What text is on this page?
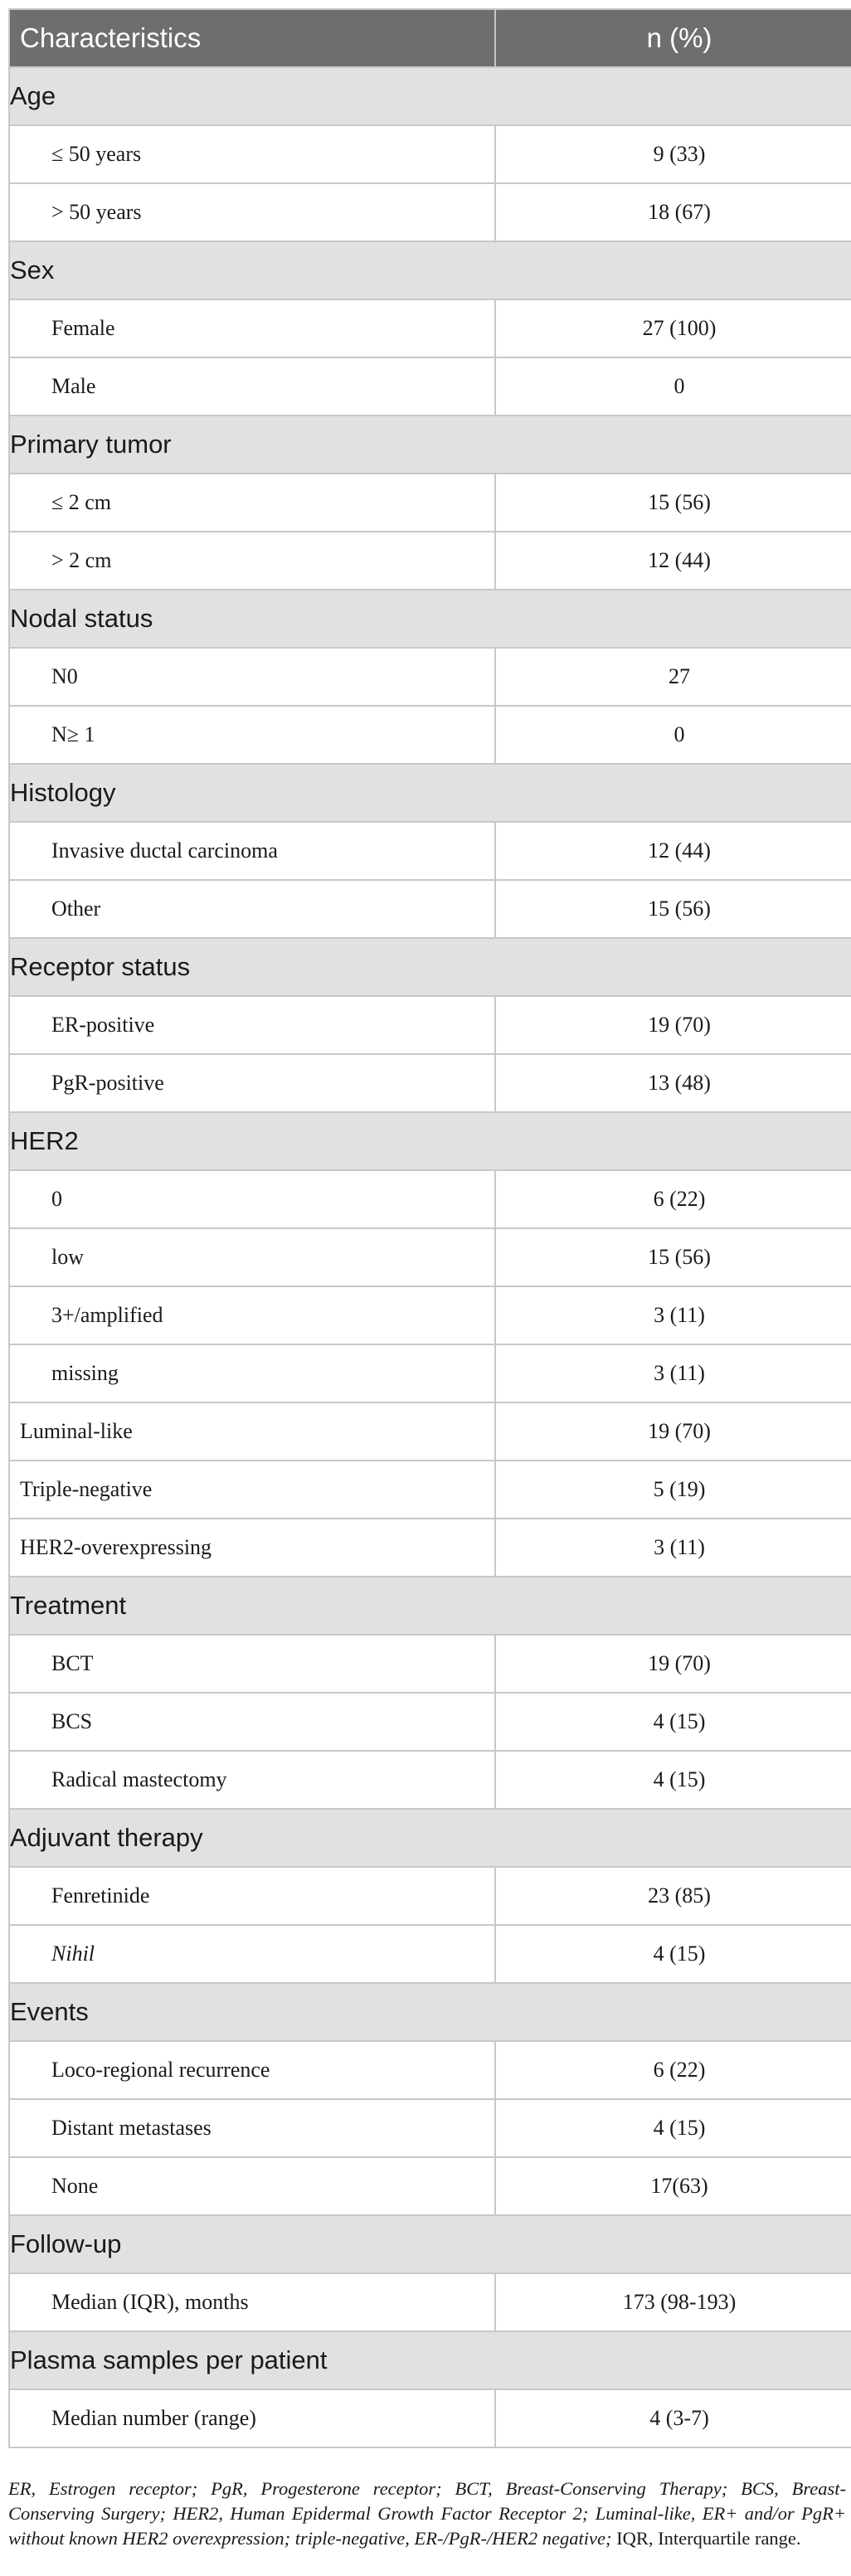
Characteristics	n (%)
Age	
≤ 50 years	9 (33)
> 50 years	18 (67)
Sex	
Female	27 (100)
Male	0
Primary tumor	
≤ 2 cm	15 (56)
> 2 cm	12 (44)
Nodal status	
N0	27
N≥ 1	0
Histology	
Invasive ductal carcinoma	12 (44)
Other	15 (56)
Receptor status	
ER-positive	19 (70)
PgR-positive	13 (48)
HER2	
0	6 (22)
low	15 (56)
3+/amplified	3 (11)
missing	3 (11)
Luminal-like	19 (70)
Triple-negative	5 (19)
HER2-overexpressing	3 (11)
Treatment	
BCT	19 (70)
BCS	4 (15)
Radical mastectomy	4 (15)
Adjuvant therapy	
Fenretinide	23 (85)
Nihil	4 (15)
Events	
Loco-regional recurrence	6 (22)
Distant metastases	4 (15)
None	17(63)
Follow-up	
Median (IQR), months	173 (98-193)
Plasma samples per patient	
Median number (range)	4 (3-7)
ER, Estrogen receptor; PgR, Progesterone receptor; BCT, Breast-Conserving Therapy; BCS, Breast-Conserving Surgery; HER2, Human Epidermal Growth Factor Receptor 2; Luminal-like, ER+ and/or PgR+ without known HER2 overexpression; triple-negative, ER-/PgR-/HER2 negative; IQR, Interquartile range.
